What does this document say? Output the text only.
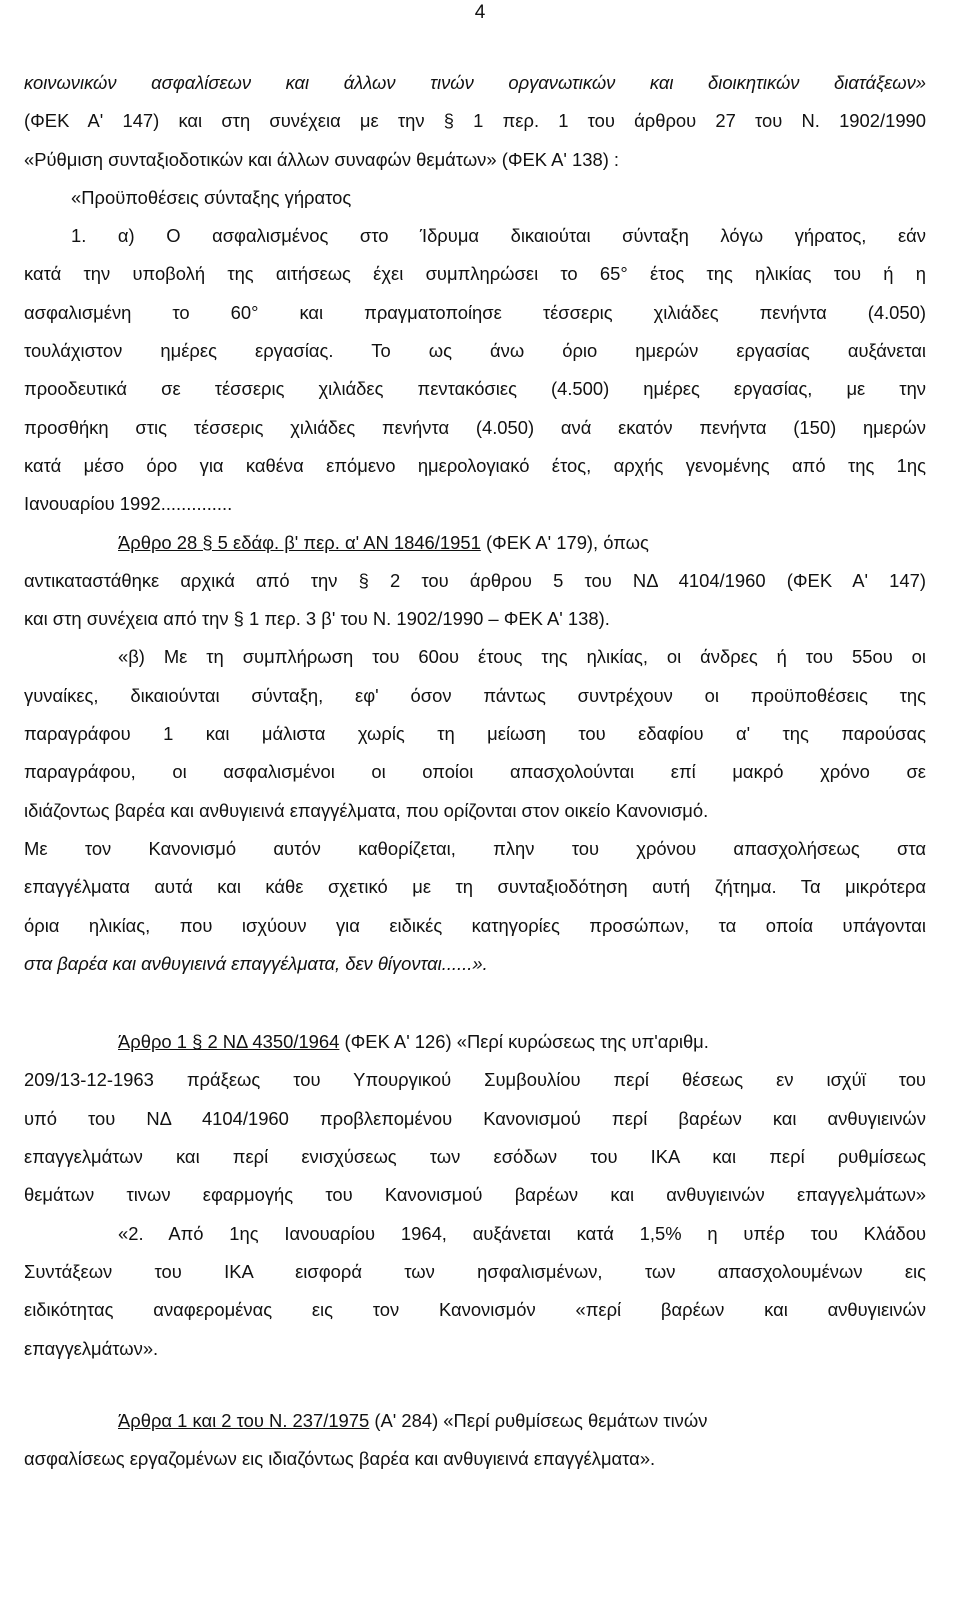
4
κοινωνικών ασφαλίσεων και άλλων τινών οργανωτικών και διοικητικών διατάξεων»
(ΦΕΚ Α' 147) και στη συνέχεια με την § 1 περ. 1 του άρθρου 27 του Ν. 1902/1990
«Ρύθμιση συνταξιοδοτικών και άλλων συναφών θεμάτων» (ΦΕΚ Α' 138) :
«Προϋποθέσεις σύνταξης γήρατος
1. α) Ο ασφαλισμένος στο Ίδρυμα δικαιούται σύνταξη λόγω γήρατος, εάν
κατά την υποβολή της αιτήσεως έχει συμπληρώσει το 65° έτος της ηλικίας του ή η
ασφαλισμένη το 60° και πραγματοποίησε τέσσερις χιλιάδες πενήντα (4.050)
τουλάχιστον ημέρες εργασίας. Το ως άνω όριο ημερών εργασίας αυξάνεται
προοδευτικά σε τέσσερις χιλιάδες πεντακόσιες (4.500) ημέρες εργασίας, με την
προσθήκη στις τέσσερις χιλιάδες πενήντα (4.050) ανά εκατόν πενήντα (150) ημερών
κατά μέσο όρο για καθένα επόμενο ημερολογιακό έτος, αρχής γενομένης από της 1ης
Ιανουαρίου 1992..............
Άρθρο 28 § 5 εδάφ. β' περ. α' ΑΝ 1846/1951 (ΦΕΚ Α' 179), όπως
αντικαταστάθηκε αρχικά από την § 2 του άρθρου 5 του ΝΔ 4104/1960 (ΦΕΚ Α' 147)
και στη συνέχεια από την § 1 περ. 3 β' του Ν. 1902/1990 – ΦΕΚ Α' 138).
«β) Με τη συμπλήρωση του 60ου έτους της ηλικίας, οι άνδρες ή του 55ου οι
γυναίκες, δικαιούνται σύνταξη, εφ' όσον πάντως συντρέχουν οι προϋποθέσεις της
παραγράφου 1 και μάλιστα χωρίς τη μείωση του εδαφίου α' της παρούσας
παραγράφου, οι ασφαλισμένοι οι οποίοι απασχολούνται επί μακρό χρόνο σε
ιδιάζοντως βαρέα και ανθυγιεινά επαγγέλματα, που ορίζονται στον οικείο Κανονισμό.
Με τον Κανονισμό αυτόν καθορίζεται, πλην του χρόνου απασχολήσεως στα
επαγγέλματα αυτά και κάθε σχετικό με τη συνταξιοδότηση αυτή ζήτημα. Τα μικρότερα
όρια ηλικίας, που ισχύουν για ειδικές κατηγορίες προσώπων, τα οποία υπάγονται
στα βαρέα και ανθυγιεινά επαγγέλματα, δεν θίγονται......».
Άρθρο 1 § 2 ΝΔ 4350/1964 (ΦΕΚ Α' 126) «Περί κυρώσεως της υπ'αριθμ.
209/13-12-1963 πράξεως του Υπουργικού Συμβουλίου περί θέσεως εν ισχύϊ του
υπό του ΝΔ 4104/1960 προβλεπομένου Κανονισμού περί βαρέων και ανθυγιεινών
επαγγελμάτων και περί ενισχύσεως των εσόδων του ΙΚΑ και περί ρυθμίσεως
θεμάτων τινων εφαρμογής του Κανονισμού βαρέων και ανθυγιεινών επαγγελμάτων»
«2. Από 1ης Ιανουαρίου 1964, αυξάνεται κατά 1,5% η υπέρ του Κλάδου
Συντάξεων του ΙΚΑ εισφορά των ησφαλισμένων, των απασχολουμένων εις
ειδικότητας αναφερομένας εις τον Κανονισμόν «περί βαρέων και ανθυγιεινών
επαγγελμάτων».
Άρθρα 1 και 2 του Ν. 237/1975 (Α' 284) «Περί ρυθμίσεως θεμάτων τινών
ασφαλίσεως εργαζομένων εις ιδιαζόντως βαρέα και ανθυγιεινά επαγγέλματα».
